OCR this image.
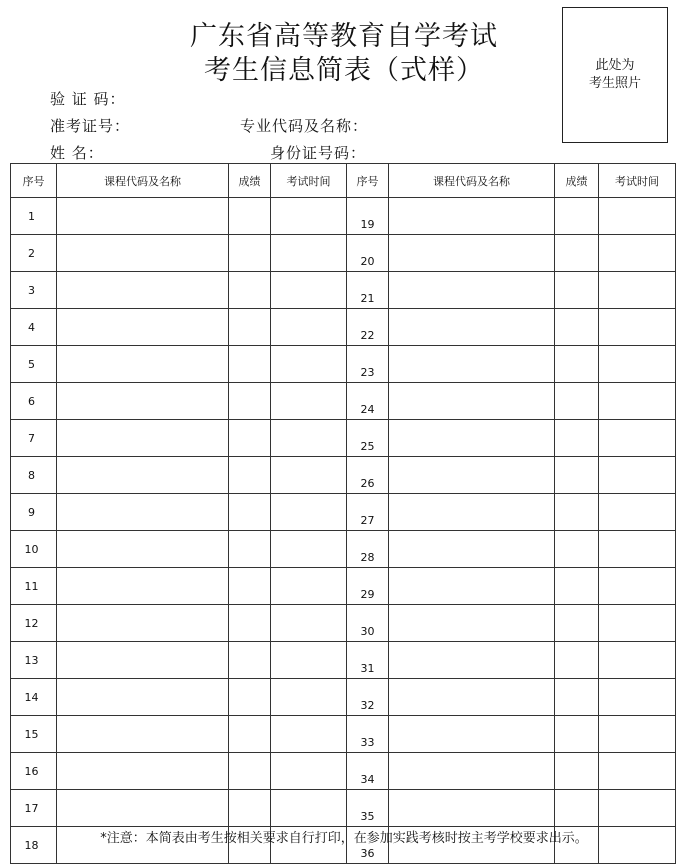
广东省高等教育自学考试
考生信息简表（式样）	此处为
考生照片
验 证 码：
准考证号：	专业代码及名称：
姓 名：	身份证号码：
序号	课程代码及名称	成绩	考试时间	序号	课程代码及名称	成绩	考试时间
1				19			
2				20			
3				21			
4				22			
5				23			
6				24			
7				25			
8				26			
9				27			
10				28			
11				29			
12				30			
13				31			
14				32			
15				33			
16				34			
17				35			
18				36			
*注意：本简表由考生按相关要求自行打印，在参加实践考核时按主考学校要求出示。
